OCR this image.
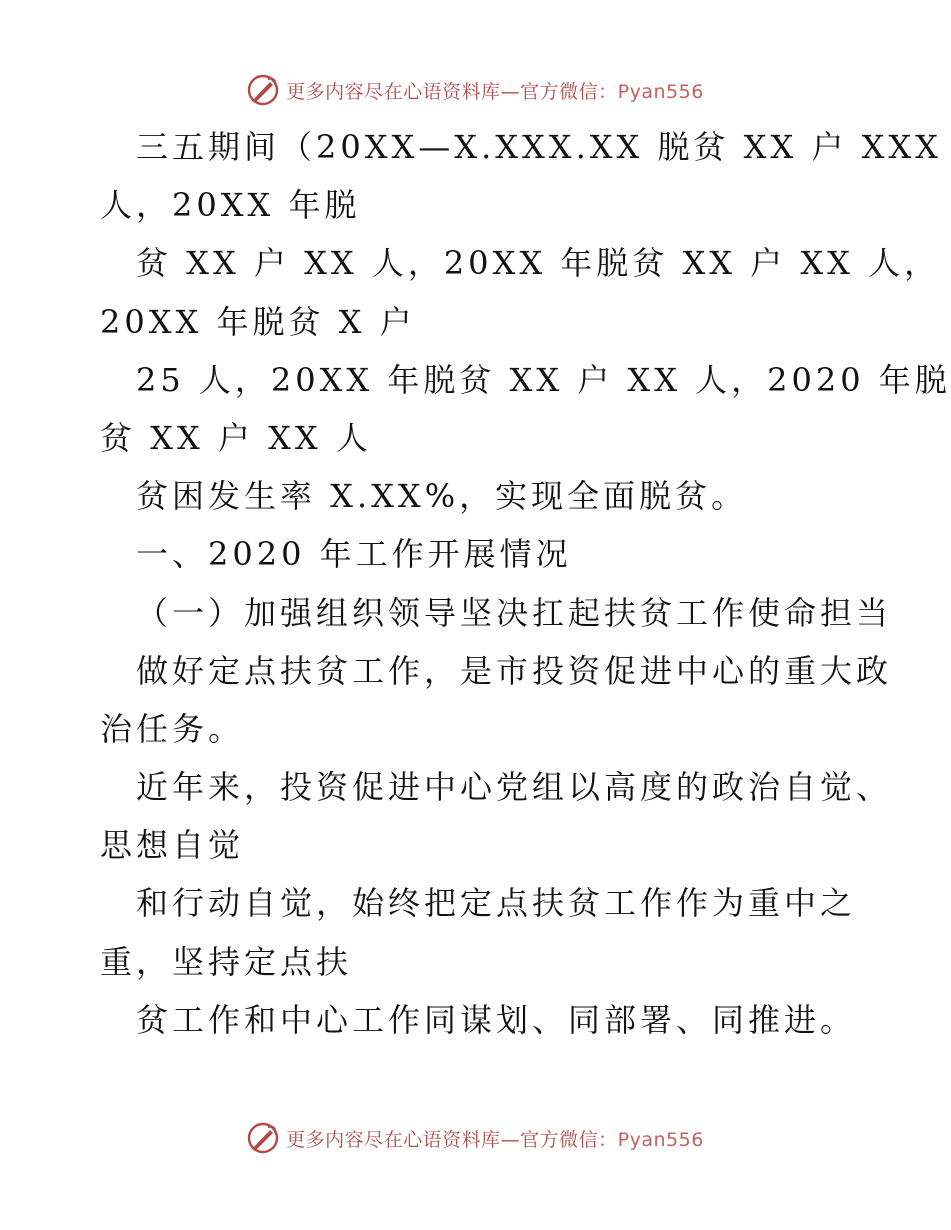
更多内容尽在心语资料库—官方微信：Pyan556
三五期间（20XX—X.XXX.XX 脱贫 XX 户 XXX
人，20XX 年脱
贫 XX 户 XX 人，20XX 年脱贫 XX 户 XX 人，
20XX 年脱贫 X 户
25 人，20XX 年脱贫 XX 户 XX 人，2020 年脱
贫 XX 户 XX 人
贫困发生率 X.XX%，实现全面脱贫。
一、2020 年工作开展情况
（一）加强组织领导坚决扛起扶贫工作使命担当
做好定点扶贫工作，是市投资促进中心的重大政
治任务。
近年来，投资促进中心党组以高度的政治自觉、
思想自觉
和行动自觉，始终把定点扶贫工作作为重中之
重，坚持定点扶
贫工作和中心工作同谋划、同部署、同推进。
更多内容尽在心语资料库—官方微信：Pyan556
